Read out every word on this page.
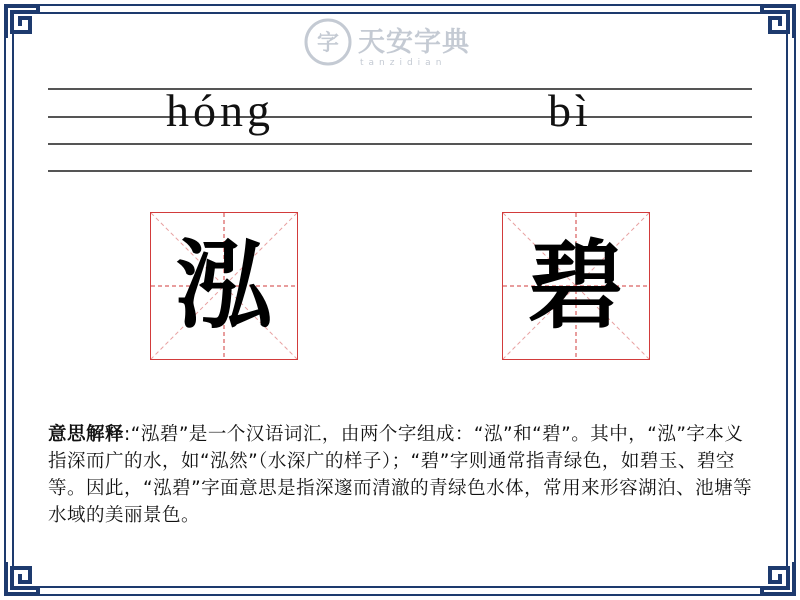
字 天安字典
tanzidian
hóng	bì
泓	碧

意思解释:“泓碧”是一个汉语词汇，由两个字组成：“泓”和“碧”。其中，“泓”字本义指深而广的水，如“泓然”（水深广的样子）；“碧”字则通常指青绿色，如碧玉、碧空等。因此，“泓碧”字面意思是指深邃而清澈的青绿色水体，常用来形容湖泊、池塘等水域的美丽景色。
